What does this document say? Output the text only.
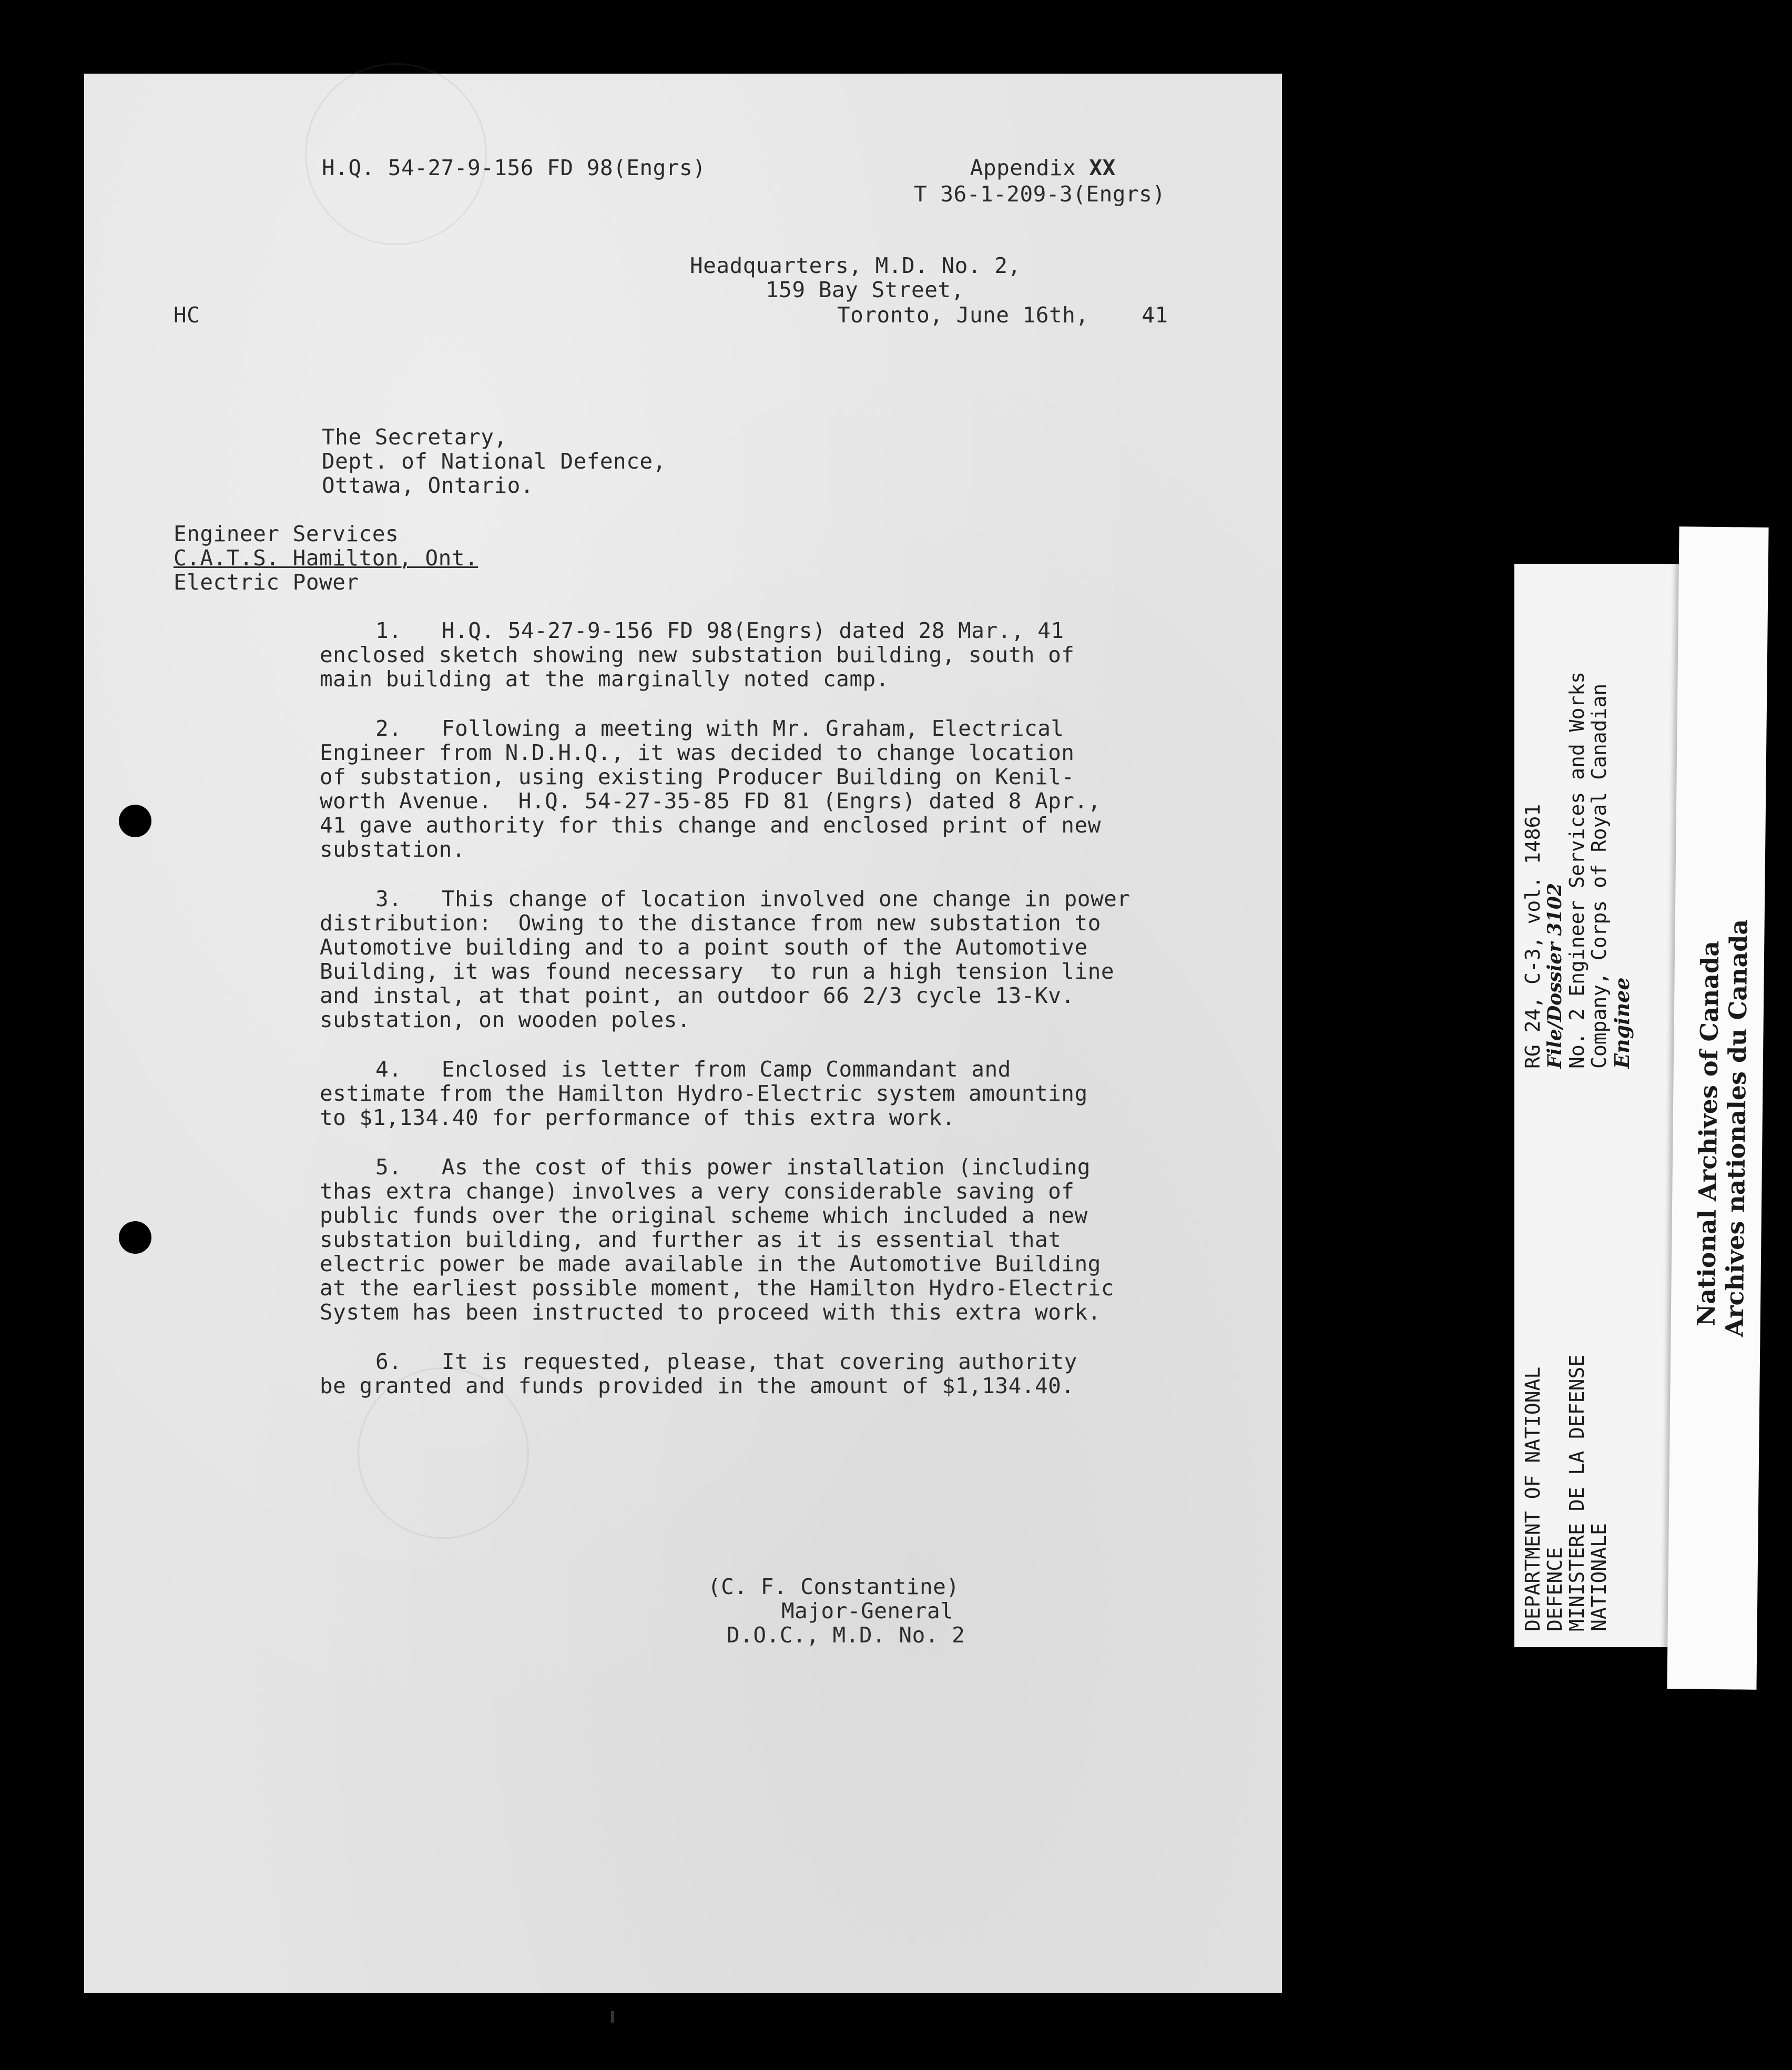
Appendix XX

H.Q. 54-27-9-156 FD 98(Engrs)
T 36-1-209-3(Engrs)
Headquarters, M.D. No. 2,
159 Bay Street,
Toronto, June 16th,    41
HC
The Secretary,
Dept. of National Defence,
Ottawa, Ontario.
Engineer Services
C.A.T.S. Hamilton, Ont.
Electric Power
1.   H.Q. 54-27-9-156 FD 98(Engrs) dated 28 Mar., 41
enclosed sketch showing new substation building, south of
main building at the marginally noted camp.
2.   Following a meeting with Mr. Graham, Electrical
Engineer from N.D.H.Q., it was decided to change location
of substation, using existing Producer Building on Kenil-
worth Avenue.  H.Q. 54-27-35-85 FD 81 (Engrs) dated 8 Apr.,
41 gave authority for this change and enclosed print of new
substation.
3.   This change of location involved one change in power
distribution:  Owing to the distance from new substation to
Automotive building and to a point south of the Automotive
Building, it was found necessary  to run a high tension line
and instal, at that point, an outdoor 66 2/3 cycle 13-Kv.
substation, on wooden poles.
4.   Enclosed is letter from Camp Commandant and
estimate from the Hamilton Hydro-Electric system amounting
to $1,134.40 for performance of this extra work.
5.   As the cost of this power installation (including
thas extra change) involves a very considerable saving of
public funds over the original scheme which included a new
substation building, and further as it is essential that
electric power be made available in the Automotive Building
at the earliest possible moment, the Hamilton Hydro-Electric
System has been instructed to proceed with this extra work.
6.   It is requested, please, that covering authority
be granted and funds provided in the amount of $1,134.40.
(C. F. Constantine)
Major-General
D.O.C., M.D. No. 2
DEPARTMENT OF NATIONAL
DEFENCE
MINISTERE DE LA DEFENSE
NATIONALE
RG 24, C-3, vol. 14861 File/Dossier 3102 No. 2 Engineer Services and Works
Company, Corps of Royal Canadian Enginee National Archives of Canada
Archives nationales du Canada
